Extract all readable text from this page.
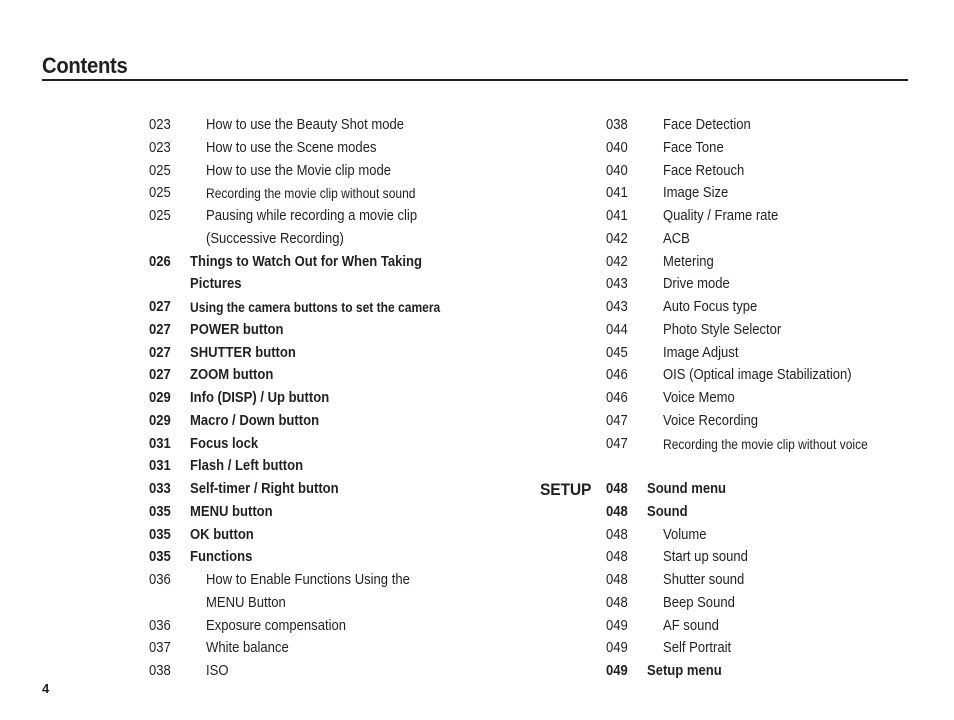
Contents
023 How to use the Beauty Shot mode
023 How to use the Scene modes
025 How to use the Movie clip mode
025	Recording the movie clip without sound
025 Pausing while recording a movie clip
(Successive Recording)
026 Things to Watch Out for When Taking
Pictures
027 Using the camera buttons to set the camera
027 POWER button
027 SHUTTER button
027 ZOOM button
029 Info (DISP) / Up button
029 Macro / Down button
031 Focus lock
031 Flash / Left button
033 Self-timer / Right button
035 MENU button
035 OK button
035 Functions
036 How to Enable Functions Using the
MENU Button
036 Exposure compensation
037 White balance
038 ISO
038 Face Detection
040 Face Tone
040 Face Retouch
041 Image Size
041 Quality / Frame rate
042 ACB
042 Metering
043 Drive mode
043 Auto Focus type
044 Photo Style Selector
045 Image Adjust
046 OIS (Optical image Stabilization)
046 Voice Memo
047 Voice Recording
047	Recording the movie clip without voice
048 Sound menu
048 Sound
048 Volume
048 Start up sound
048 Shutter sound
048 Beep Sound
049 AF sound
049 Self Portrait
049 Setup menu
SETUP
4
